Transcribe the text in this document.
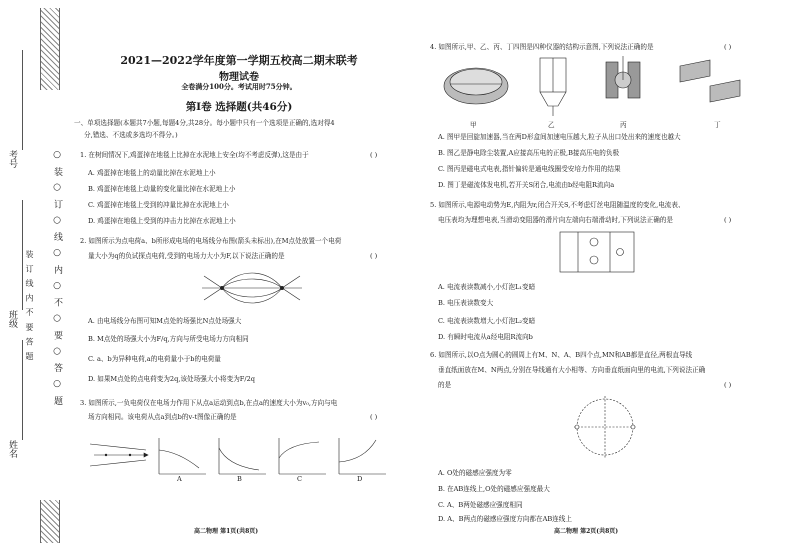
○ 装 ○ 订 ○ 线 ○ 内 ○ 不 ○ 要 ○ 答 ○ 题
考号
班级
姓名
装 订 线 内 不 要 答 题
2021—2022学年度第一学期五校高二期末联考
物理试卷
全卷满分100分。考试用时75分钟。
第Ⅰ卷 选择题(共46分)
一、单项选择题(本题共7小题,每题4分,共28分。每小题中只有一个选项是正确的,选对得4
分,错选、不选或多选均不得分。)
1. 在树间情况下,鸡蛋掉在地毯上比掉在水泥地上安全(均不考虑反弹),这是由于	( )
A. 鸡蛋掉在地毯上的动量比掉在水泥地上小
B. 鸡蛋掉在地毯上动量的变化量比掉在水泥地上小
C. 鸡蛋掉在地毯上受到的冲量比掉在水泥地上小
D. 鸡蛋掉在地毯上受到的冲击力比掉在水泥地上小
2. 如图所示为点电荷a、b所形成电场的电场线分布图(箭头未标出),在M点处放置一个电荷
量大小为q的负试探点电荷,受到的电场力大小为F,以下说法正确的是	( )
A. 由电场线分布图可知M点处的场强比N点处场强大
B. M点处的场强大小为F/q,方向与所受电场力方向相同
C. a、b为异种电荷,a的电荷量小于b的电荷量
D. 如果M点处的点电荷变为2q,该处场强大小将变为F/2q
3. 如图所示,一负电荷仅在电场力作用下从点a运动到点b,在点a的速度大小为v₀,方向与电
场方向相同。该电荷从点a到点b的v-t图像正确的是	( )
A	B	C	D
高二物理 第1页(共8页)
4. 如图所示,甲、乙、丙、丁四图是四种仪器的结构示意图,下列说法正确的是	( )
甲	乙	丙	丁
A. 图甲是回旋加速器,当在两D形盒间加速电压越大,粒子从出口处出来的速度也越大
B. 图乙是静电除尘装置,A应接高压电的正极,B接高压电的负极
C. 图丙是磁电式电表,指针偏转是通电线圈受安培力作用的结果
D. 图丁是磁流体发电机,若开关S闭合,电流由b经电阻R流向a
5. 如图所示,电源电动势为E,内阻为r,闭合开关S,不考虑灯丝电阻随温度的变化,电流表、
电压表均为理想电表,当滑动变阻器的滑片向左端向右端滑动时,下列说法正确的是	( )
A. 电流表读数减小,小灯泡L₁变暗
B. 电压表读数变大
C. 电流表读数增大,小灯泡L₂变暗
D. 有瞬时电流从a经电阻R流向b
6. 如图所示,以O点为圆心的圆周上有M、N、A、B四个点,MN和AB都是直径,两根直导线
垂直纸面放在M、N两点,分别在导线通有大小相等、方向垂直纸面向里的电流,下列说法正确
的是	( )
A. O处的磁感应强度为零
B. 在AB连线上,O处的磁感应强度最大
C. A、B两处磁感应强度相同
D. A、B两点的磁感应强度方向都在AB连线上
高二物理 第2页(共8页)
